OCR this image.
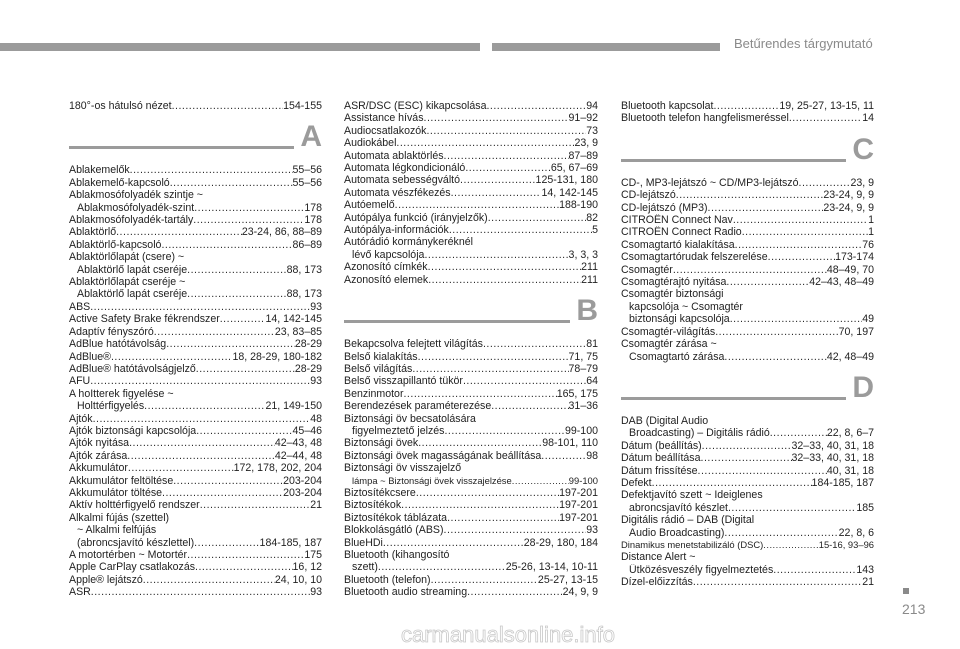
Betűrendes tárgymutató
180°-os hátulsó nézet .....	154-155
A
Ablakemelők .....	55–56
Ablakemelő-kapcsoló .....	55–56
Ablakmosófolyadék szintje ~
Ablakmosófolyadék-szint .....	178
Ablakmosófolyadék-tartály .....	178
Ablaktörlő .....	23-24, 86, 88–89
Ablaktörlő-kapcsoló .....	86–89
Ablaktörlőlapát (csere) ~
Ablaktörlő lapát cseréje .....	88, 173
Ablaktörlőlapát cseréje ~
Ablaktörlő lapát cseréje .....	88, 173
ABS .....	93
Active Safety Brake fékrendszer .....	14, 142-145
Adaptív fényszóró .....	23, 83–85
AdBlue hatótávolság .....	28-29
AdBlue® .....	18, 28-29, 180-182
AdBlue® hatótávolságjelző .....	28-29
AFU .....	93
A hoItterek figyelése ~
Holttérfigyelés .....	21, 149-150
Ajtók .....	48
Ajtók biztonsági kapcsolója .....	45–46
Ajtók nyitása .....	42–43, 48
Ajtók zárása .....	42–44, 48
Akkumulátor .....	172, 178, 202, 204
Akkumulátor feltöltése .....	203-204
Akkumulátor töltése .....	203-204
Aktív holttérfigyelő rendszer .....	21
Alkalmi fújás (szettel)
~ Alkalmi felfújás
(abroncsjavító készlettel) .....	184-185, 187
A motortérben ~ Motortér .....	175
Apple CarPlay csatlakozás .....	16, 12
Apple® lejátszó .....	24, 10, 10
ASR .....	93
ASR/DSC (ESC) kikapcsolása .....	94
Assistance hívás .....	91–92
Audiocsatlakozók .....	73
Audiokábel .....	23, 9
Automata ablaktörlés .....	87–89
Automata légkondicionáló .....	65, 67–69
Automata sebességváltó .....	125-131, 180
Automata vészfékezés .....	14, 142-145
Autóemelő .....	188-190
Autópálya funkció (irányjelzők) .....	82
Autópálya-információk .....	5
Autórádió kormánykeréknél
lévő kapcsolója .....	3, 3, 3
Azonosító címkék .....	211
Azonosító elemek .....	211
B
Bekapcsolva felejtett világítás .....	81
Belső kialakítás .....	71, 75
Belső világítás .....	78–79
Belső visszapillantó tükör .....	64
Benzinmotor .....	165, 175
Berendezések paraméterezése .....	31–36
Biztonsági öv becsatolására
figyelmeztető jelzés .....	99-100
Biztonsági övek .....	98-101, 110
Biztonsági övek magasságának beállítása .....	98
Biztonsági öv visszajelző
lámpa ~ Biztonsági övek visszajelzése .....	99-100
Biztosítékcsere .....	197-201
Biztosítékok .....	197-201
Biztosítékok táblázata .....	197-201
Blokkolásgátló (ABS) .....	93
BlueHDi .....	28-29, 180, 184
Bluetooth (kihangosító
szett) .....	25-26, 13-14, 10-11
Bluetooth (telefon) .....	25-27, 13-15
Bluetooth audio streaming .....	24, 9, 9
Bluetooth kapcsolat .....	19, 25-27, 13-15, 11
Bluetooth telefon hangfelismeréssel .....	14
C
CD-, MP3-lejátszó ~ CD/MP3-lejátszó .....	23, 9
CD-lejátszó .....	23-24, 9, 9
CD-lejátszó (MP3) .....	23-24, 9, 9
CITROËN Connect Nav .....	1
CITROËN Connect Radio .....	1
Csomagtartó kialakítása .....	76
Csomagtartórudak felszerelése .....	173-174
Csomagtér .....	48–49, 70
Csomagtérajtó nyitása .....	42–43, 48–49
Csomagtér biztonsági
kapcsolója ~ Csomagtér
biztonsági kapcsolója .....	49
Csomagtér-világítás .....	70, 197
Csomagtér zárása ~
Csomagtartó zárása .....	42, 48–49
D
DAB (Digital Audio
Broadcasting) – Digitális rádió .....	22, 8, 6–7
Dátum (beállítás) .....	32–33, 40, 31, 18
Dátum beállítása .....	32–33, 40, 31, 18
Dátum frissítése .....	40, 31, 18
Defekt .....	184-185, 187
Defektjavító szett ~ Ideiglenes
abroncsjavító készlet .....	185
Digitális rádió – DAB (Digital
Audio Broadcasting) .....	22, 8, 6
Dinamikus menetstabilizáló (DSC) .....	15-16, 93–96
Distance Alert ~
Ütközésveszély figyelmeztetés .....	143
Dízel-előizzítás .....	21
213
carmanualsonline.info
